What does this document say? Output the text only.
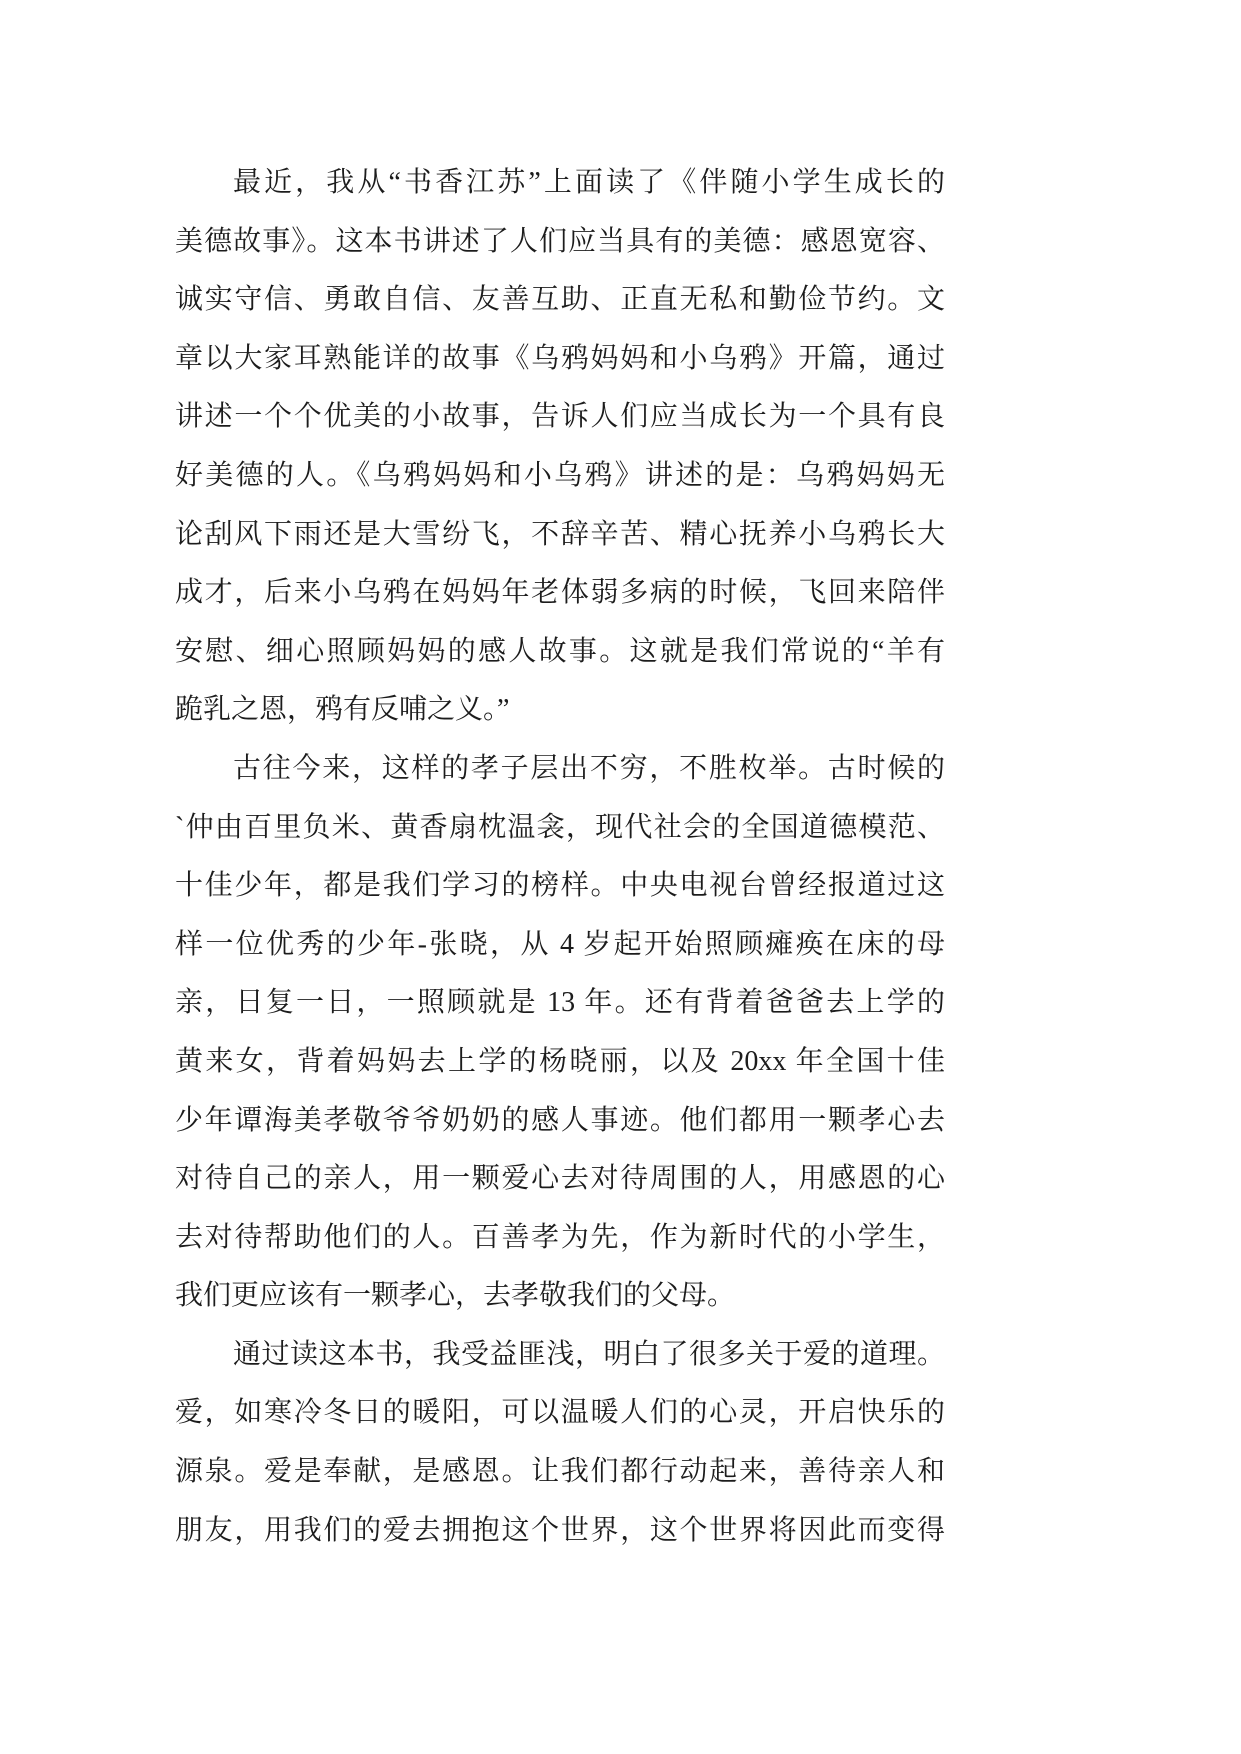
最近，我从“书香江苏”上面读了《伴随小学生成长的
美德故事》。这本书讲述了人们应当具有的美德：感恩宽容、
诚实守信、勇敢自信、友善互助、正直无私和勤俭节约。文
章以大家耳熟能详的故事《乌鸦妈妈和小乌鸦》开篇，通过
讲述一个个优美的小故事，告诉人们应当成长为一个具有良
好美德的人。《乌鸦妈妈和小乌鸦》讲述的是：乌鸦妈妈无
论刮风下雨还是大雪纷飞，不辞辛苦、精心抚养小乌鸦长大
成才，后来小乌鸦在妈妈年老体弱多病的时候，飞回来陪伴
安慰、细心照顾妈妈的感人故事。这就是我们常说的“羊有
跪乳之恩，鸦有反哺之义。”
古往今来，这样的孝子层出不穷，不胜枚举。古时候的
`仲由百里负米、黄香扇枕温衾，现代社会的全国道德模范、
十佳少年，都是我们学习的榜样。中央电视台曾经报道过这
样一位优秀的少年-张晓，从 4 岁起开始照顾瘫痪在床的母
亲，日复一日，一照顾就是 13 年。还有背着爸爸去上学的
黄来女，背着妈妈去上学的杨晓丽，以及 20xx 年全国十佳
少年谭海美孝敬爷爷奶奶的感人事迹。他们都用一颗孝心去
对待自己的亲人，用一颗爱心去对待周围的人，用感恩的心
去对待帮助他们的人。百善孝为先，作为新时代的小学生，
我们更应该有一颗孝心，去孝敬我们的父母。
通过读这本书，我受益匪浅，明白了很多关于爱的道理。
爱，如寒冷冬日的暖阳，可以温暖人们的心灵，开启快乐的
源泉。爱是奉献，是感恩。让我们都行动起来，善待亲人和
朋友，用我们的爱去拥抱这个世界，这个世界将因此而变得
